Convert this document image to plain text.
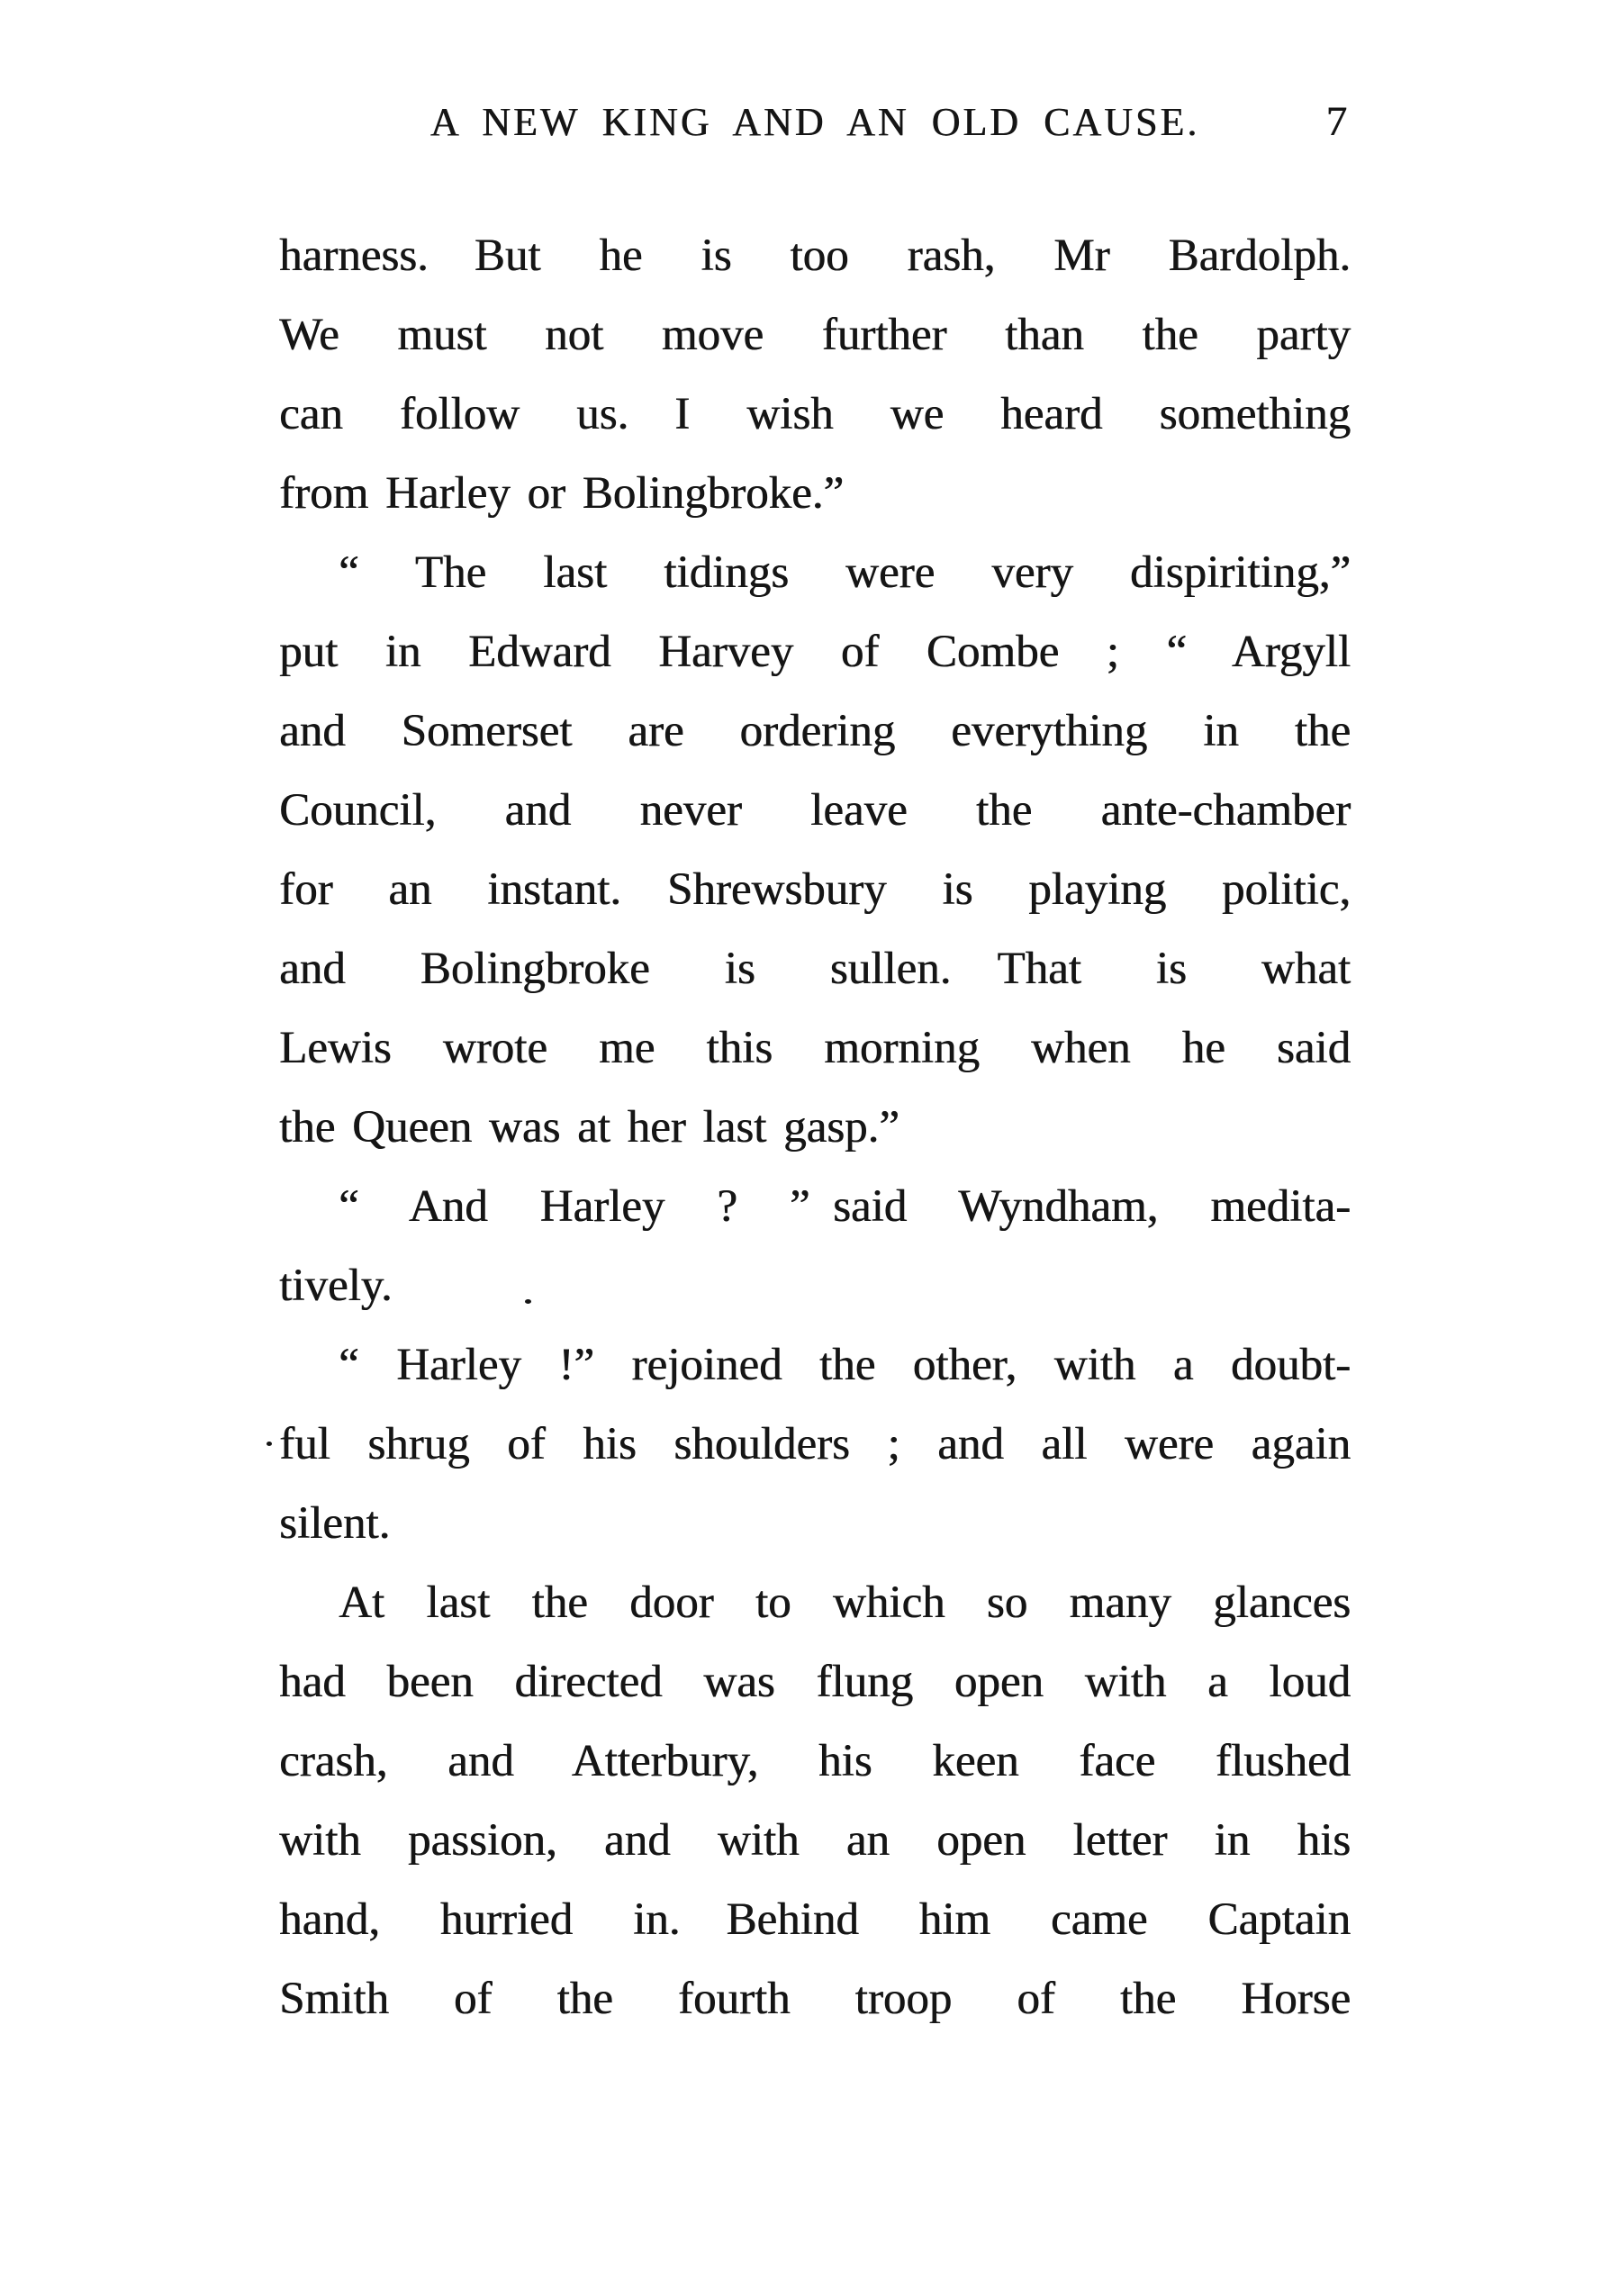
A NEW KING AND AN OLD CAUSE.	7
harness. But he is too rash, Mr Bardolph.
We must not move further than the party
can follow us. I wish we heard something
from Harley or Bolingbroke.”
“ The last tidings were very dispiriting,”
put in Edward Harvey of Combe ; “ Argyll
and Somerset are ordering everything in the
Council, and never leave the ante-chamber
for an instant. Shrewsbury is playing politic,
and Bolingbroke is sullen. That is what
Lewis wrote me this morning when he said
the Queen was at her last gasp.”
“ And Harley ? ” said Wyndham, medita-
tively.
“ Harley !” rejoined the other, with a doubt-
ful shrug of his shoulders ; and all were again
silent.
At last the door to which so many glances
had been directed was flung open with a loud
crash, and Atterbury, his keen face flushed
with passion, and with an open letter in his
hand, hurried in. Behind him came Captain
Smith of the fourth troop of the Horse
